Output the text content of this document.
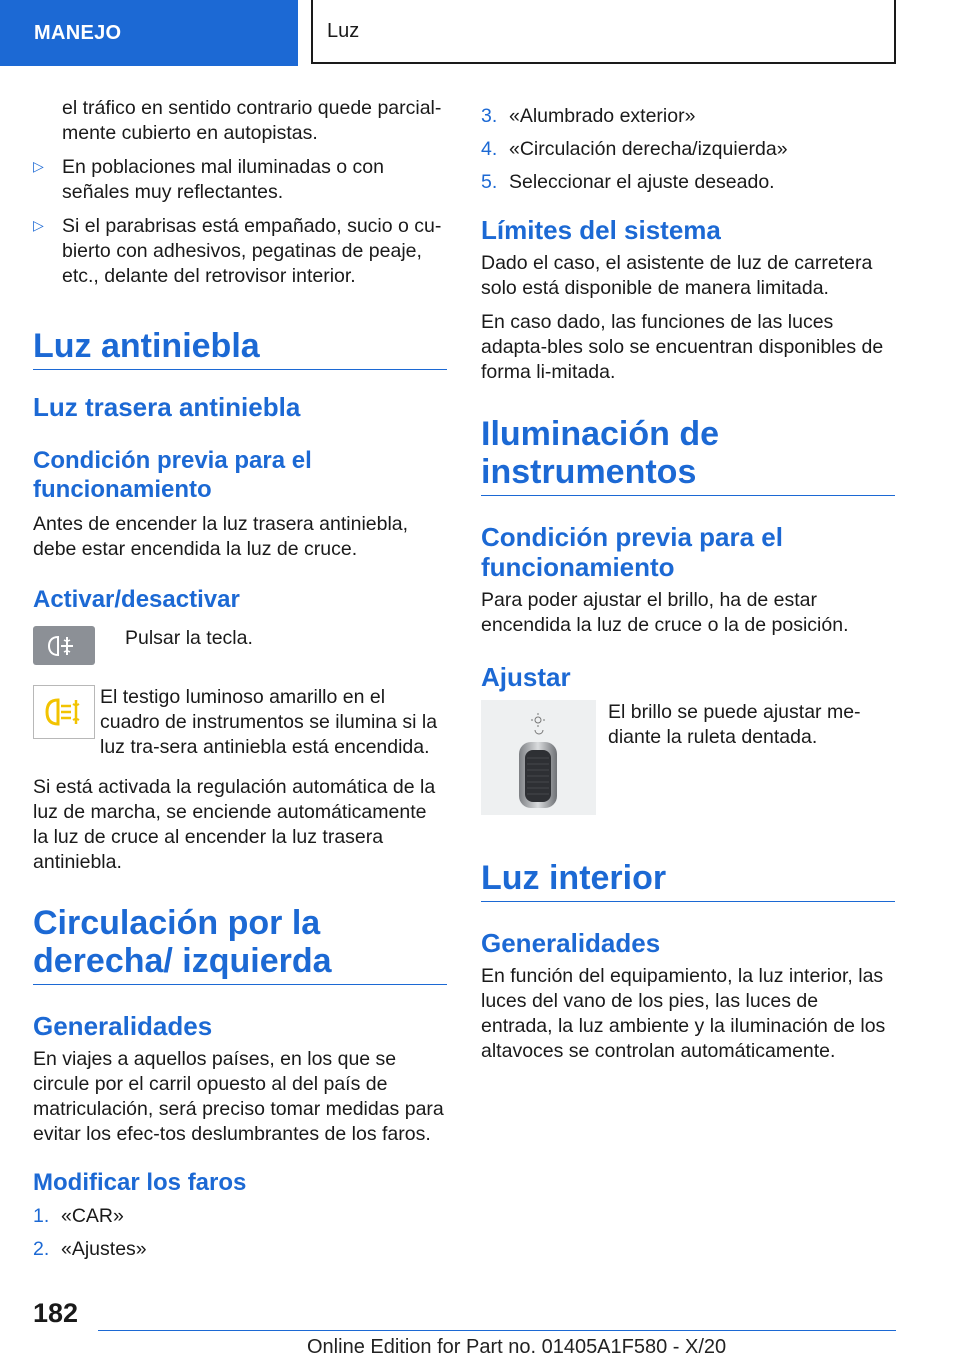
MANEJO	Luz

el tráfico en sentido contrario quede parcial-mente cubierto en autopistas.

▷ En poblaciones mal iluminadas o con señales muy reflectantes.

▷ Si el parabrisas está empañado, sucio o cu-bierto con adhesivos, pegatinas de peaje, etc., delante del retrovisor interior.

Luz antiniebla
Luz trasera antiniebla
Condición previa para el funcionamiento

Antes de encender la luz trasera antiniebla, debe estar encendida la luz de cruce.

Activar/desactivar

Pulsar la tecla.

El testigo luminoso amarillo en el cuadro de instrumentos se ilumina si la luz tra-sera antiniebla está encendida.

Si está activada la regulación automática de la luz de marcha, se enciende automáticamente la luz de cruce al encender la luz trasera antiniebla.

Circulación por la derecha/ izquierda
Generalidades

En viajes a aquellos países, en los que se circule por el carril opuesto al del país de matriculación, será preciso tomar medidas para evitar los efec-tos deslumbrantes de los faros.

Modificar los faros
1. «CAR»

2. «Ajustes»

3. «Alumbrado exterior»

4. «Circulación derecha/izquierda»

5. Seleccionar el ajuste deseado.

Límites del sistema

Dado el caso, el asistente de luz de carretera solo está disponible de manera limitada.

En caso dado, las funciones de las luces adapta-bles solo se encuentran disponibles de forma li-mitada.

Iluminación de instrumentos
Condición previa para el funcionamiento

Para poder ajustar el brillo, ha de estar encendida la luz de cruce o la de posición.

Ajustar

El brillo se puede ajustar me-diante la ruleta dentada.

Luz interior
Generalidades

En función del equipamiento, la luz interior, las luces del vano de los pies, las luces de entrada, la luz ambiente y la iluminación de los altavoces se controlan automáticamente.

182
Online Edition for Part no. 01405A1F580 - X/20
